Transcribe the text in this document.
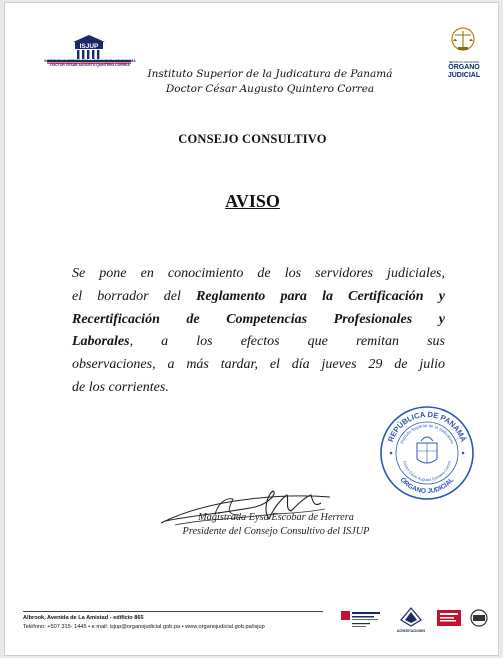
ISJUP
INSTITUTO SUPERIOR DE LA JUDICATURA DE PANAMÁ
DOCTOR CÉSAR AUGUSTO QUINTERO CORREA
Instituto Superior de la Judicatura de Panamá
Doctor César Augusto Quintero Correa
REPÚBLICA DE PANAMÁ
ÓRGANO
JUDICIAL
CONSEJO CONSULTIVO
AVISO
Se pone en conocimiento de los servidores judiciales,
el borrador del Reglamento para la Certificación y
Recertificación de Competencias Profesionales y
Laborales, a los efectos que remitan sus
observaciones, a más tardar, el día jueves 29 de julio
de los corrientes.
Magistrada Eysa Escobar de Herrera
Presidente del Consejo Consultivo del ISJUP
REPÚBLICA DE PANAMÁ
ÓRGANO JUDICIAL
Instituto Superior de la Judicatura
Doctor César Augusto Quintero Correa
Albrook, Avenida de La Amistad - edificio 865
Teléfono: +507 315- 1445 • e mail: isjup@organojudicial.gob.pa • www.organojudicial.gob.pa/isjup
ACREDITACIONES
